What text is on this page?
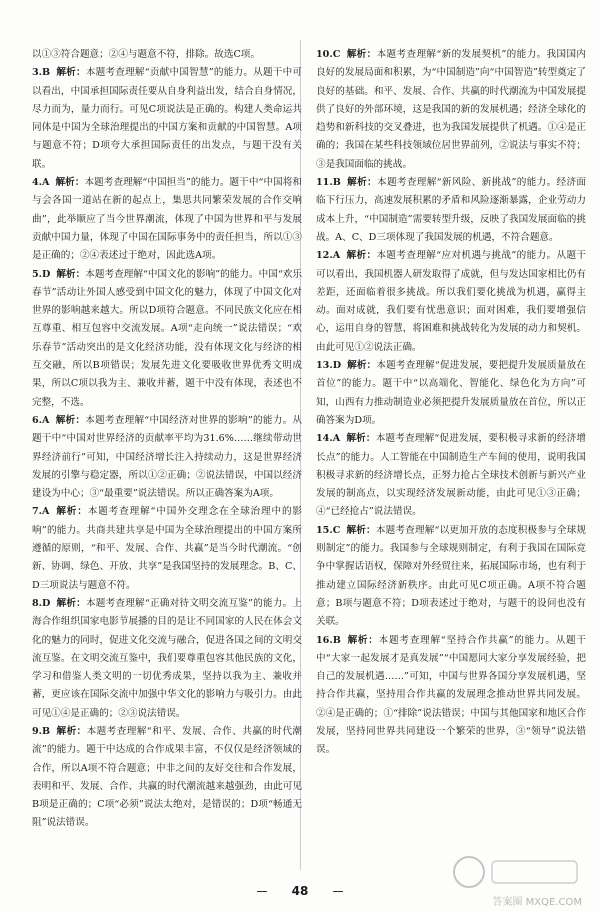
以①③符合题意；②④与题意不符，排除。故选C项。

3.B 解析：本题考查理解“贡献中国智慧”的能力。从题干中可以看出，中国承担国际责任要从自身利益出发，结合自身情况，尽力而为，量力而行。可见C项说法是正确的。构建人类命运共同体是中国为全球治理提出的中国方案和贡献的中国智慧。A项与题意不符；D项夸大承担国际责任的出发点，与题干没有关联。

4.A 解析：本题考查理解“中国担当”的能力。题干中“中国将和与会各国一道站在新的起点上，集思共同繁荣发展的合作交响曲”，此举顺应了当今世界潮流，体现了中国为世界和平与发展贡献中国力量，体现了中国在国际事务中的责任担当，所以①③是正确的；②④表述过于绝对，因此选A项。

5.D 解析：本题考查理解“中国文化的影响”的能力。中国“欢乐春节”活动让外国人感受到中国文化的魅力，体现了中国文化对世界的影响越来越大。所以D项符合题意。不同民族文化应在相互尊重、相互包容中交流发展。A项“走向统一”说法错误；“欢乐春节”活动突出的是文化经济功能，没有体现文化与经济的相互交融，所以B项错误；发展先进文化要吸收世界优秀文明成果，所以C项以我为主、兼收并蓄，题干中没有体现，表述也不完整，不选。

6.A 解析：本题考查理解“中国经济对世界的影响”的能力。从题干中“中国对世界经济的贡献率平均为31.6%……继续带动世界经济前行”可知，中国经济增长注入持续动力，这是世界经济发展的引擎与稳定器，所以①②正确；②说法错误，中国以经济建设为中心；③“最重要”说法错误。所以正确答案为A项。

7.A 解析：本题考查理解“中国外交理念在全球治理中的影响”的能力。共商共建共享是中国为全球治理提出的中国方案所遵循的原则，“和平、发展、合作、共赢”是当今时代潮流。“创新、协调、绿色、开放、共享”是我国坚持的发展理念。B、C、D三项说法与题意不符。

8.D 解析：本题考查理解“正确对待文明交流互鉴”的能力。上海合作组织国家电影节展播的目的是让不同国家的人民在体会文化的魅力的同时，促进文化交流与融合，促进各国之间的文明交流互鉴。在文明交流互鉴中，我们要尊重包容其他民族的文化，学习和借鉴人类文明的一切优秀成果，坚持以我为主、兼收并蓄，更应该在国际交流中加强中华文化的影响力与吸引力。由此可见①④是正确的；②③说法错误。

9.B 解析：本题考查理解“和平、发展、合作、共赢的时代潮流”的能力。题干中达成的合作成果丰富，不仅仅是经济领域的合作，所以A项不符合题意；中非之间的友好交往和合作发展，表明和平、发展、合作、共赢的时代潮流越来越强劲，由此可见B项是正确的；C项“必须”说法太绝对，是错误的；D项“畅通无阻”说法错误。

10.C 解析：本题考查理解“新的发展契机”的能力。我国国内良好的发展局面和积累，为“中国制造”向“中国智造”转型奠定了良好的基础。和平、发展、合作、共赢的时代潮流为中国发展提供了良好的外部环境，这是我国的新的发展机遇；经济全球化的趋势和新科技的交叉叠进，也为我国发展提供了机遇。①④是正确的；我国在某些科技领域位居世界前列，②说法与事实不符；③是我国面临的挑战。

11.B 解析：本题考查理解“新风险、新挑战”的能力。经济面临下行压力，高速发展积累的矛盾和风险逐渐暴露，企业劳动力成本上升，“中国制造”需要转型升级，反映了我国发展面临的挑战。A、C、D三项体现了我国发展的机遇，不符合题意。

12.A 解析：本题考查理解“应对机遇与挑战”的能力。从题干可以看出，我国机器人研发取得了成就，但与发达国家相比仍有差距，还面临着很多挑战。所以我们要化挑战为机遇，赢得主动。面对成就，我们要有忧患意识；面对困难，我们要增强信心，运用自身的智慧，将困难和挑战转化为发展的动力和契机。由此可见①②说法正确。

13.D 解析：本题考查理解“促进发展，要把提升发展质量放在首位”的能力。题干中“以高端化、智能化、绿色化为方向”可知，山西有力推动制造业必须把提升发展质量放在首位，所以正确答案为D项。

14.A 解析：本题考查理解“促进发展，要积极寻求新的经济增长点”的能力。人工智能在中国制造生产车间的使用，说明我国积极寻求新的经济增长点，正努力抢占全球技术创新与新兴产业发展的制高点，以实现经济发展新动能，由此可见①③正确；④“已经抢占”说法错误。

15.C 解析：本题考查理解“以更加开放的态度积极参与全球规则制定”的能力。我国参与全球规则制定，有利于我国在国际竞争中掌握话语权，保障对外经贸往来，拓展国际市场，也有利于推动建立国际经济新秩序。由此可见C项正确。A项不符合题意；B项与题意不符；D项表述过于绝对，与题干的设问也没有关联。

16.B 解析：本题考查理解“坚持合作共赢”的能力。从题干中“大家一起发展才是真发展”“中国愿同大家分享发展经验，把自己的发展机遇……”可知，中国与世界各国分享发展机遇，坚持合作共赢，坚持用合作共赢的发展理念推动世界共同发展。②④是正确的；①“排除”说法错误；中国与其他国家和地区合作发展，坚持同世界共同建设一个繁荣的世界，③“领导”说法错误。

48
答案圈 MXQE.COM
